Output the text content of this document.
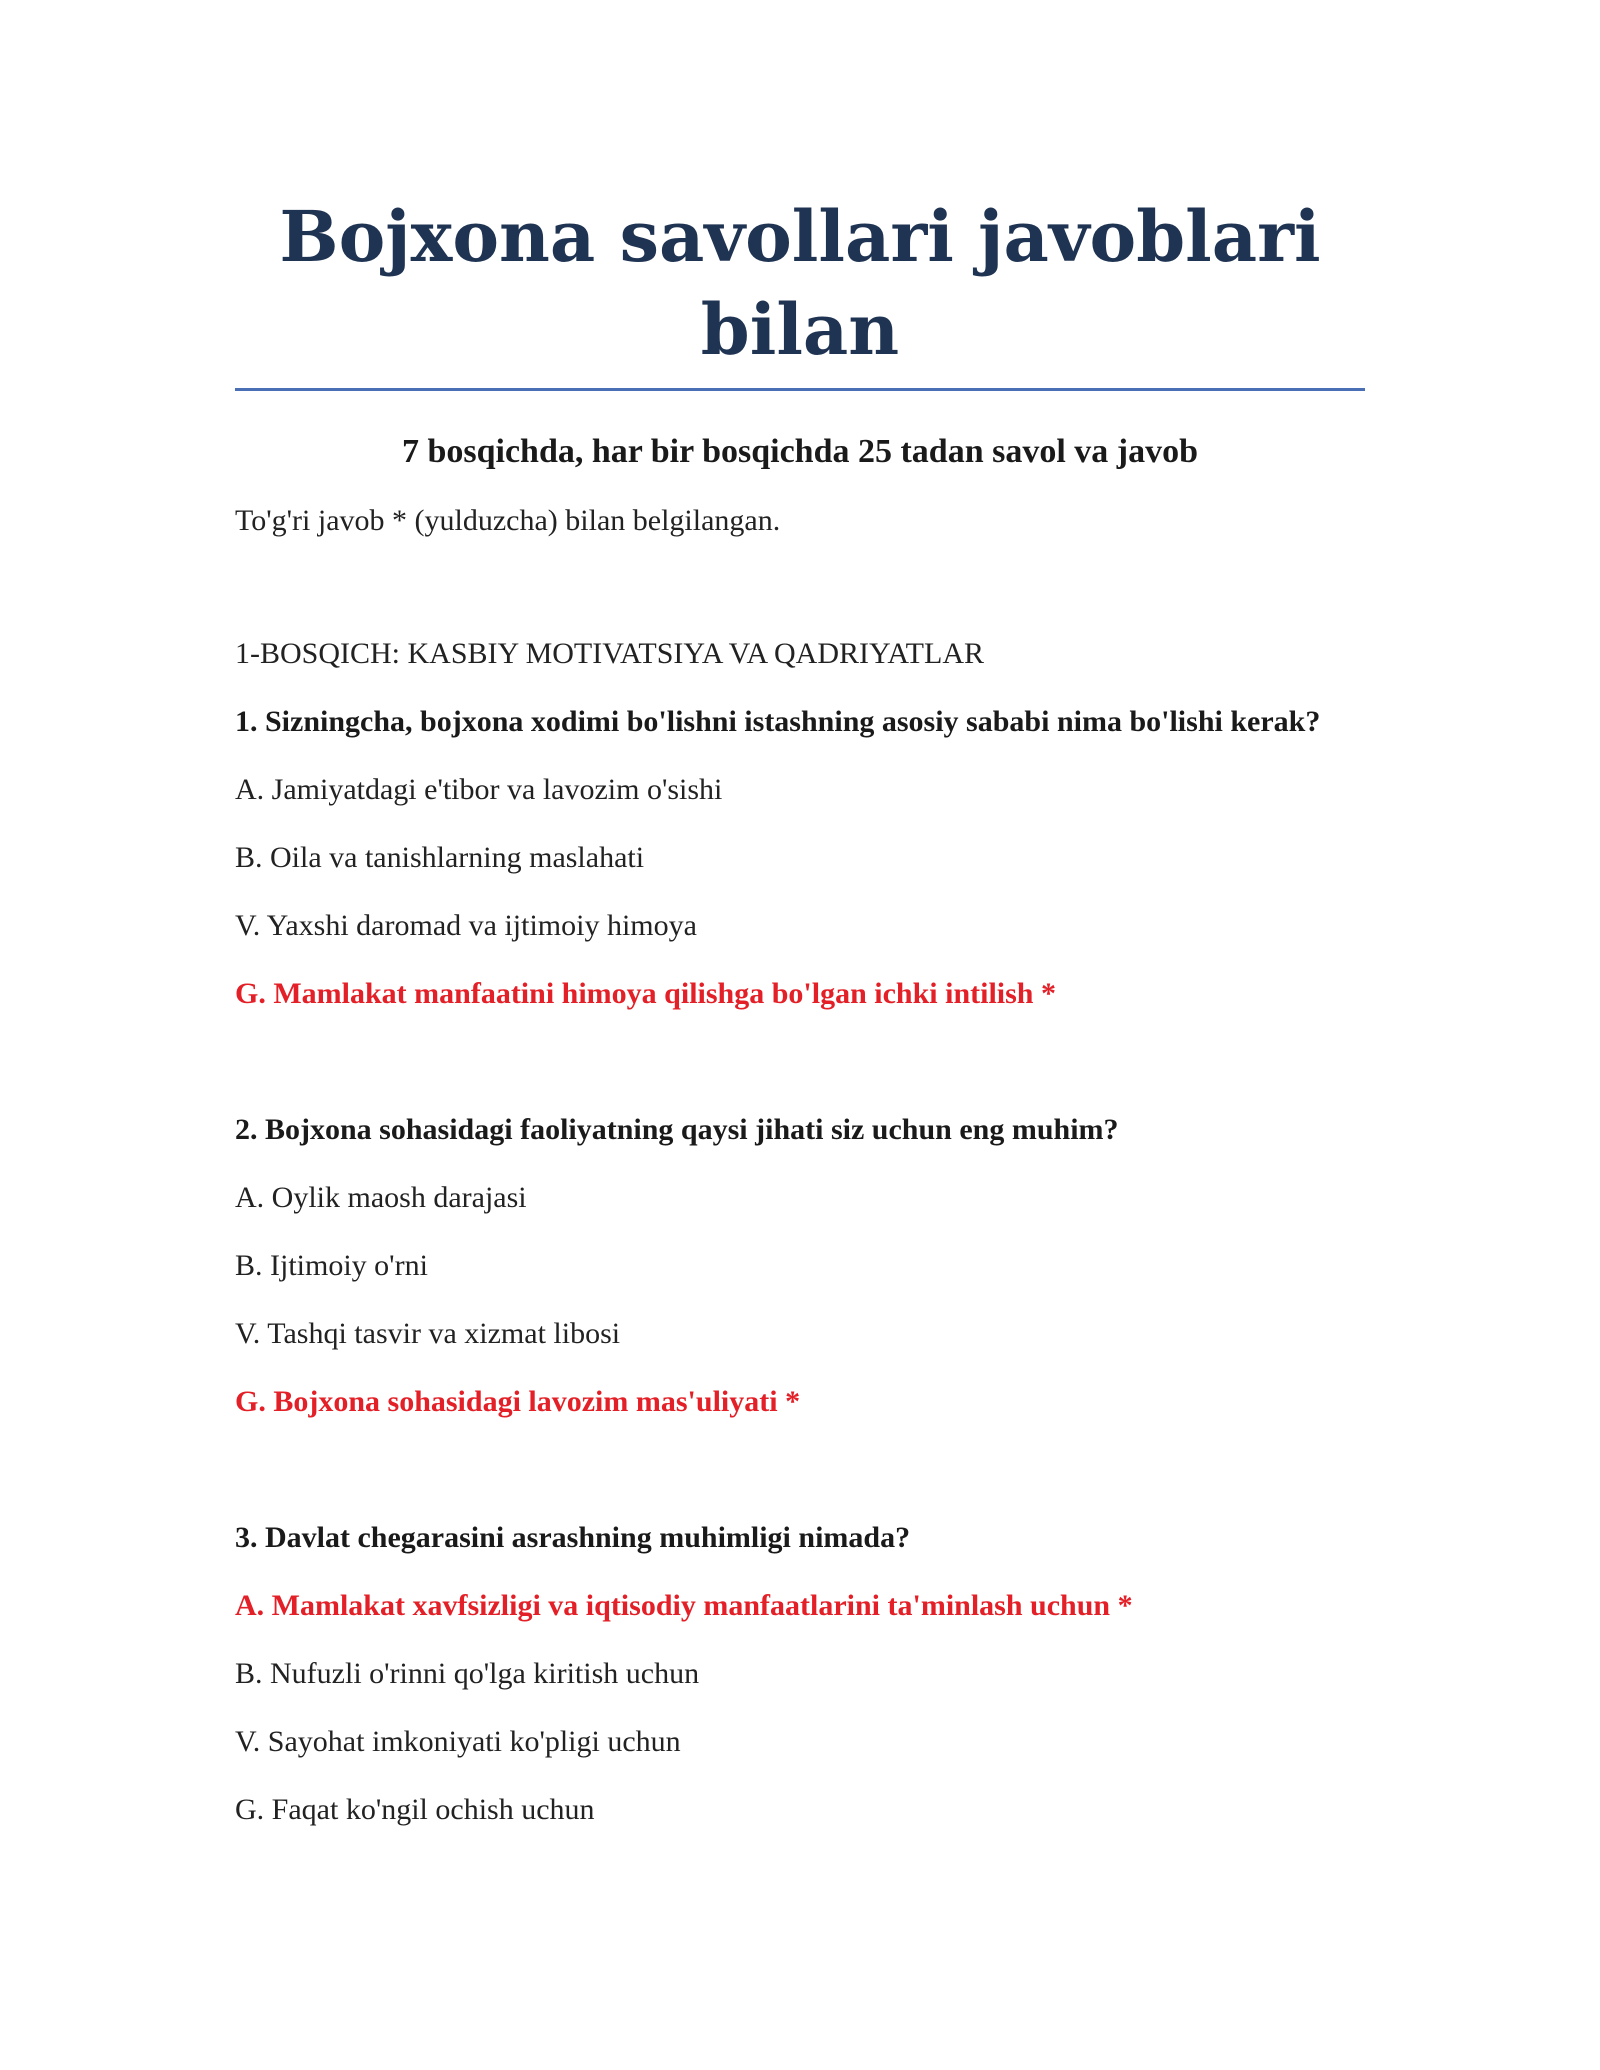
Bojxona savollari javoblari bilan

7 bosqichda, har bir bosqichda 25 tadan savol va javob

To'g'ri javob * (yulduzcha) bilan belgilangan.

1-BOSQICH: KASBIY MOTIVATSIYA VA QADRIYATLAR

1. Sizningcha, bojxona xodimi bo'lishni istashning asosiy sababi nima bo'lishi kerak?

A. Jamiyatdagi e'tibor va lavozim o'sishi

B. Oila va tanishlarning maslahati

V. Yaxshi daromad va ijtimoiy himoya

G. Mamlakat manfaatini himoya qilishga bo'lgan ichki intilish *

2. Bojxona sohasidagi faoliyatning qaysi jihati siz uchun eng muhim?

A. Oylik maosh darajasi

B. Ijtimoiy o'rni

V. Tashqi tasvir va xizmat libosi

G. Bojxona sohasidagi lavozim mas'uliyati *

3. Davlat chegarasini asrashning muhimligi nimada?

A. Mamlakat xavfsizligi va iqtisodiy manfaatlarini ta'minlash uchun *

B. Nufuzli o'rinni qo'lga kiritish uchun

V. Sayohat imkoniyati ko'pligi uchun

G. Faqat ko'ngil ochish uchun
